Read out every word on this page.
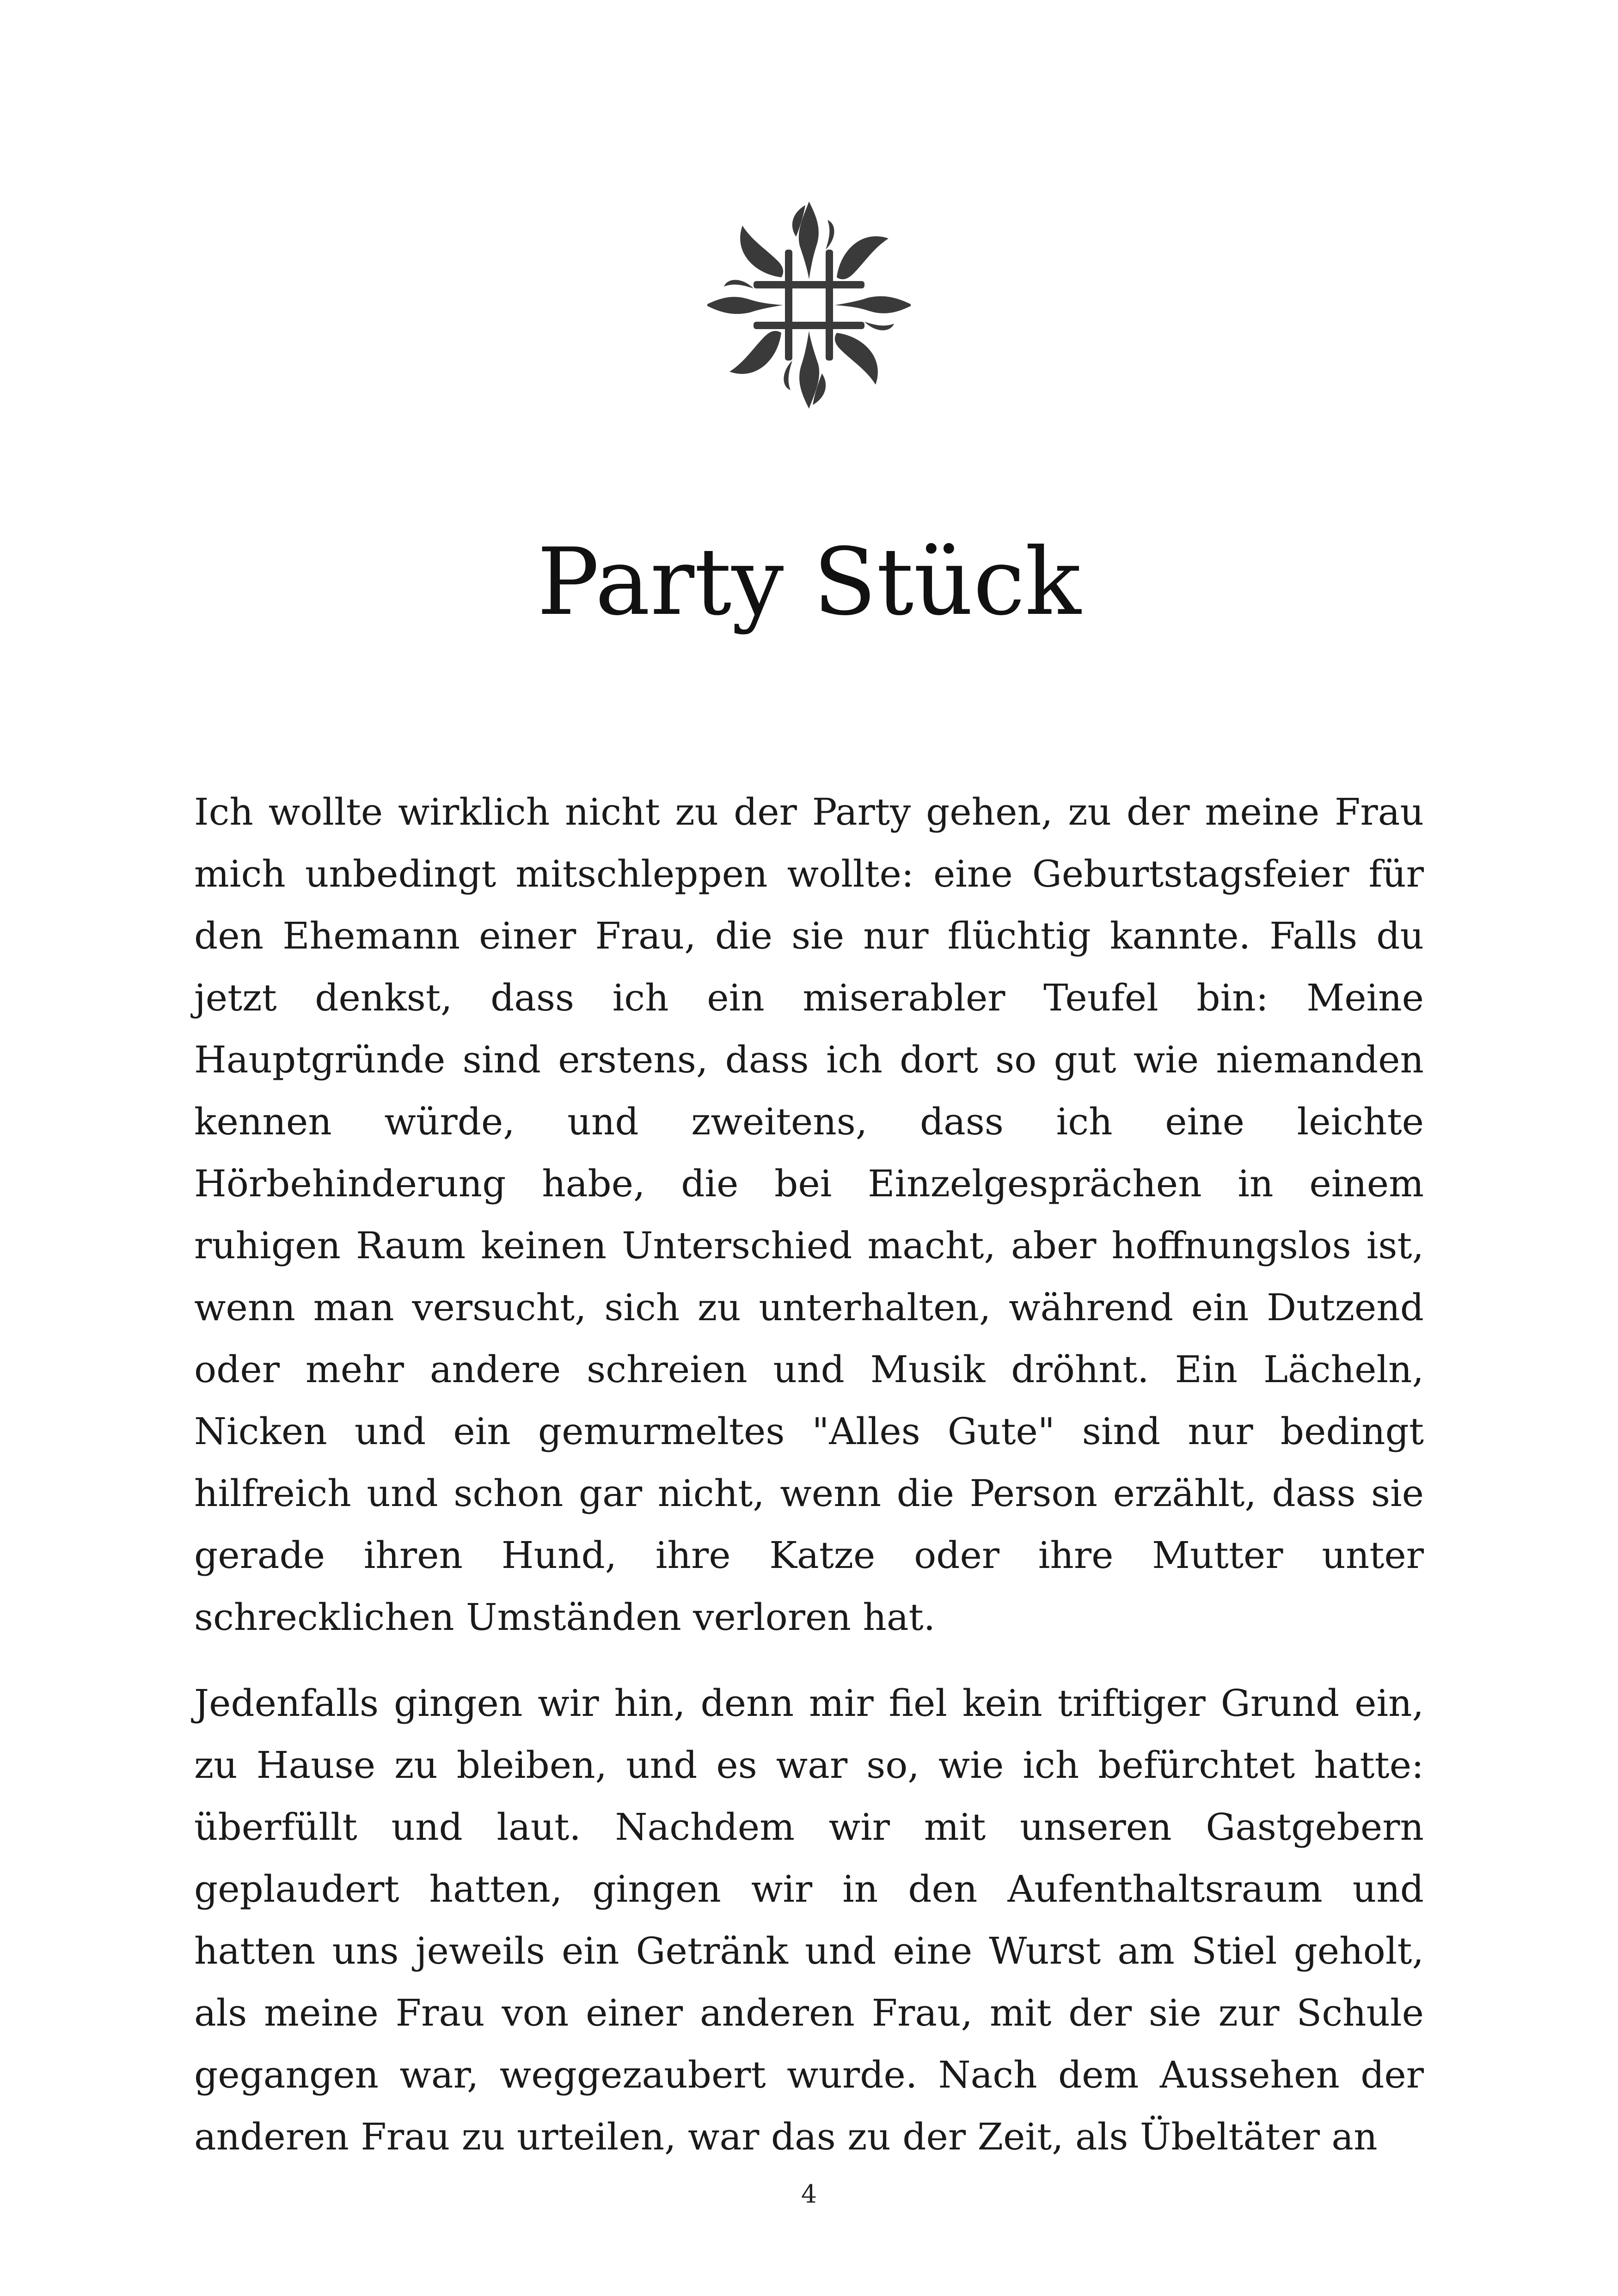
Party Stück

Ich wollte wirklich nicht zu der Party gehen, zu der meine Frau mich unbedingt mitschleppen wollte: eine Geburtstagsfeier für den Ehemann einer Frau, die sie nur flüchtig kannte. Falls du jetzt denkst, dass ich ein miserabler Teufel bin: Meine Hauptgründe sind erstens, dass ich dort so gut wie niemanden kennen würde, und zweitens, dass ich eine leichte Hörbehinderung habe, die bei Einzelgesprächen in einem ruhigen Raum keinen Unterschied macht, aber hoffnungslos ist, wenn man versucht, sich zu unterhalten, während ein Dutzend oder mehr andere schreien und Musik dröhnt. Ein Lächeln, Nicken und ein gemurmeltes "Alles Gute" sind nur bedingt hilfreich und schon gar nicht, wenn die Person erzählt, dass sie gerade ihren Hund, ihre Katze oder ihre Mutter unter schrecklichen Umständen verloren hat.

Jedenfalls gingen wir hin, denn mir fiel kein triftiger Grund ein, zu Hause zu bleiben, und es war so, wie ich befürchtet hatte: überfüllt und laut. Nachdem wir mit unseren Gastgebern geplaudert hatten, gingen wir in den Aufenthaltsraum und hatten uns jeweils ein Getränk und eine Wurst am Stiel geholt, als meine Frau von einer anderen Frau, mit der sie zur Schule gegangen war, weggezaubert wurde. Nach dem Aussehen der anderen Frau zu urteilen, war das zu der Zeit, als Übeltäter an

4
